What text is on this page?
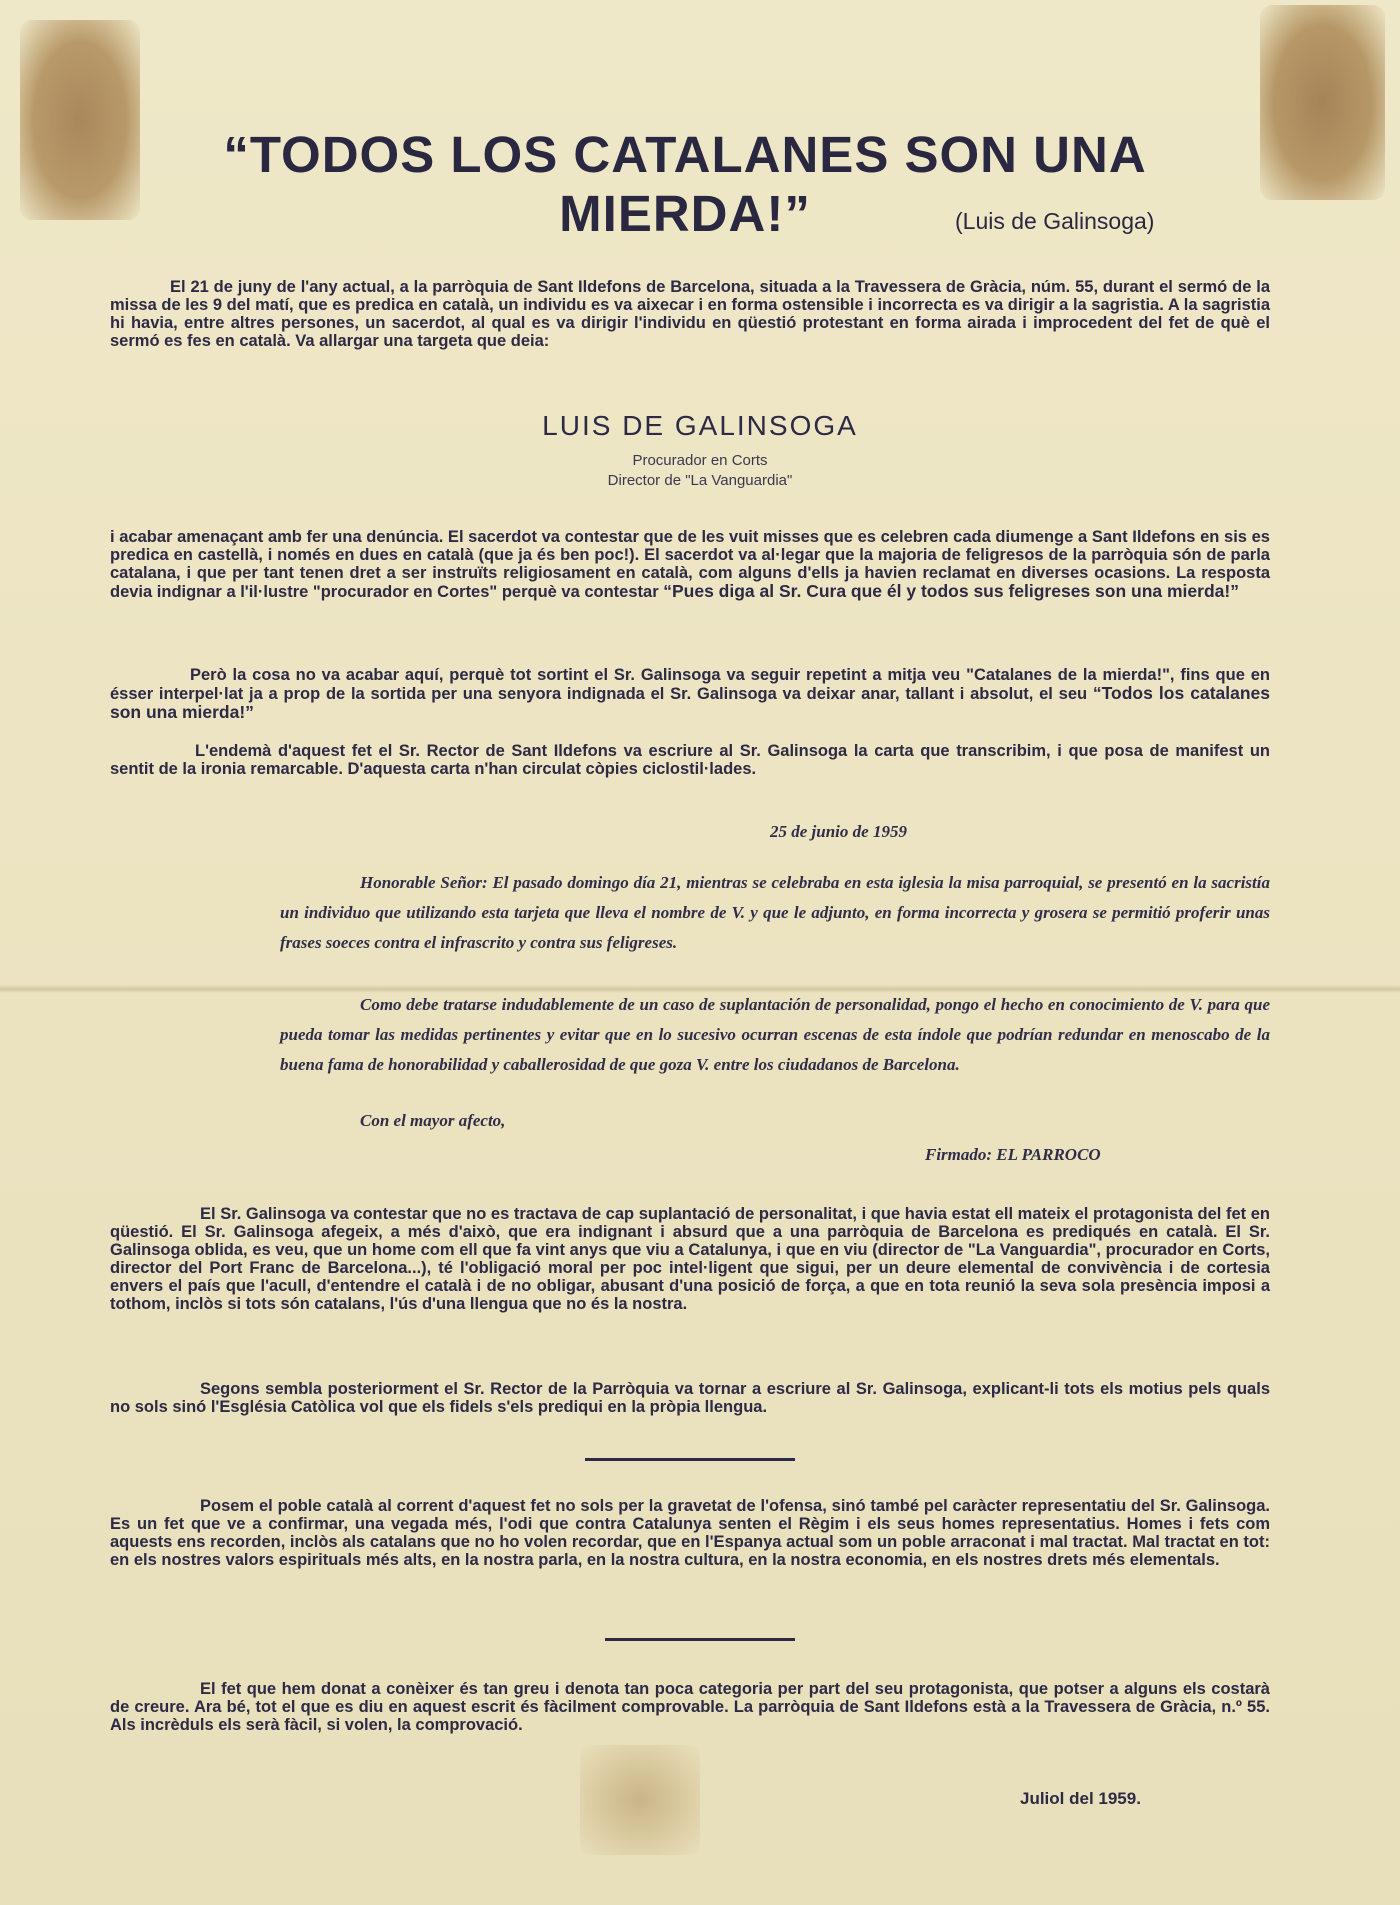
“TODOS LOS CATALANES SON UNA MIERDA!”	(Luis de Galinsoga)
El 21 de juny de l'any actual, a la parròquia de Sant Ildefons de Barcelona, situada a la Travessera de Gràcia, núm. 55, durant el sermó de la missa de les 9 del matí, que es predica en català, un individu es va aixecar i en forma ostensible i incorrecta es va dirigir a la sagristia. A la sagristia hi havia, entre altres persones, un sacerdot, al qual es va dirigir l'individu en qüestió protestant en forma airada i improcedent del fet de què el sermó es fes en català. Va allargar una targeta que deia:
LUIS DE GALINSOGA
Procurador en Corts
Director de "La Vanguardia"
i acabar amenaçant amb fer una denúncia. El sacerdot va contestar que de les vuit misses que es celebren cada diumenge a Sant Ildefons en sis es predica en castellà, i només en dues en català (que ja és ben poc!). El sacerdot va al·legar que la majoria de feligresos de la parròquia són de parla catalana, i que per tant tenen dret a ser instruïts religiosament en català, com alguns d'ells ja havien reclamat en diverses ocasions. La resposta devia indignar a l'il·lustre "procurador en Cortes" perquè va contestar “Pues diga al Sr. Cura que él y todos sus feligreses son una mierda!”
Però la cosa no va acabar aquí, perquè tot sortint el Sr. Galinsoga va seguir repetint a mitja veu "Catalanes de la mierda!", fins que en ésser interpel·lat ja a prop de la sortida per una senyora indignada el Sr. Galinsoga va deixar anar, tallant i absolut, el seu “Todos los catalanes son una mierda!”
L'endemà d'aquest fet el Sr. Rector de Sant Ildefons va escriure al Sr. Galinsoga la carta que transcribim, i que posa de manifest un sentit de la ironia remarcable. D'aquesta carta n'han circulat còpies ciclostil·lades.
25 de junio de 1959
Honorable Señor: El pasado domingo día 21, mientras se celebraba en esta iglesia la misa parroquial, se presentó en la sacristía un individuo que utilizando esta tarjeta que lleva el nombre de V. y que le adjunto, en forma incorrecta y grosera se permitió proferir unas frases soeces contra el infrascrito y contra sus feligreses.
Como debe tratarse indudablemente de un caso de suplantación de personalidad, pongo el hecho en conocimiento de V. para que pueda tomar las medidas pertinentes y evitar que en lo sucesivo ocurran escenas de esta índole que podrían redundar en menoscabo de la buena fama de honorabilidad y caballerosidad de que goza V. entre los ciudadanos de Barcelona.
Con el mayor afecto,
Firmado: EL PARROCO
El Sr. Galinsoga va contestar que no es tractava de cap suplantació de personalitat, i que havia estat ell mateix el protagonista del fet en qüestió. El Sr. Galinsoga afegeix, a més d'això, que era indignant i absurd que a una parròquia de Barcelona es prediqués en català. El Sr. Galinsoga oblida, es veu, que un home com ell que fa vint anys que viu a Catalunya, i que en viu (director de "La Vanguardia", procurador en Corts, director del Port Franc de Barcelona...), té l'obligació moral per poc intel·ligent que sigui, per un deure elemental de convivència i de cortesia envers el país que l'acull, d'entendre el català i de no obligar, abusant d'una posició de força, a que en tota reunió la seva sola presència imposi a tothom, inclòs si tots són catalans, l'ús d'una llengua que no és la nostra.
Segons sembla posteriorment el Sr. Rector de la Parròquia va tornar a escriure al Sr. Galinsoga, explicant-li tots els motius pels quals no sols sinó l'Església Catòlica vol que els fidels s'els prediqui en la pròpia llengua.
Posem el poble català al corrent d'aquest fet no sols per la gravetat de l'ofensa, sinó també pel caràcter representatiu del Sr. Galinsoga. Es un fet que ve a confirmar, una vegada més, l'odi que contra Catalunya senten el Règim i els seus homes representatius. Homes i fets com aquests ens recorden, inclòs als catalans que no ho volen recordar, que en l'Espanya actual som un poble arraconat i mal tractat. Mal tractat en tot: en els nostres valors espirituals més alts, en la nostra parla, en la nostra cultura, en la nostra economia, en els nostres drets més elementals.
El fet que hem donat a conèixer és tan greu i denota tan poca categoria per part del seu protagonista, que potser a alguns els costarà de creure. Ara bé, tot el que es diu en aquest escrit és fàcilment comprovable. La parròquia de Sant Ildefons està a la Travessera de Gràcia, n.º 55. Als incrèduls els serà fàcil, si volen, la comprovació.
Juliol del 1959.
